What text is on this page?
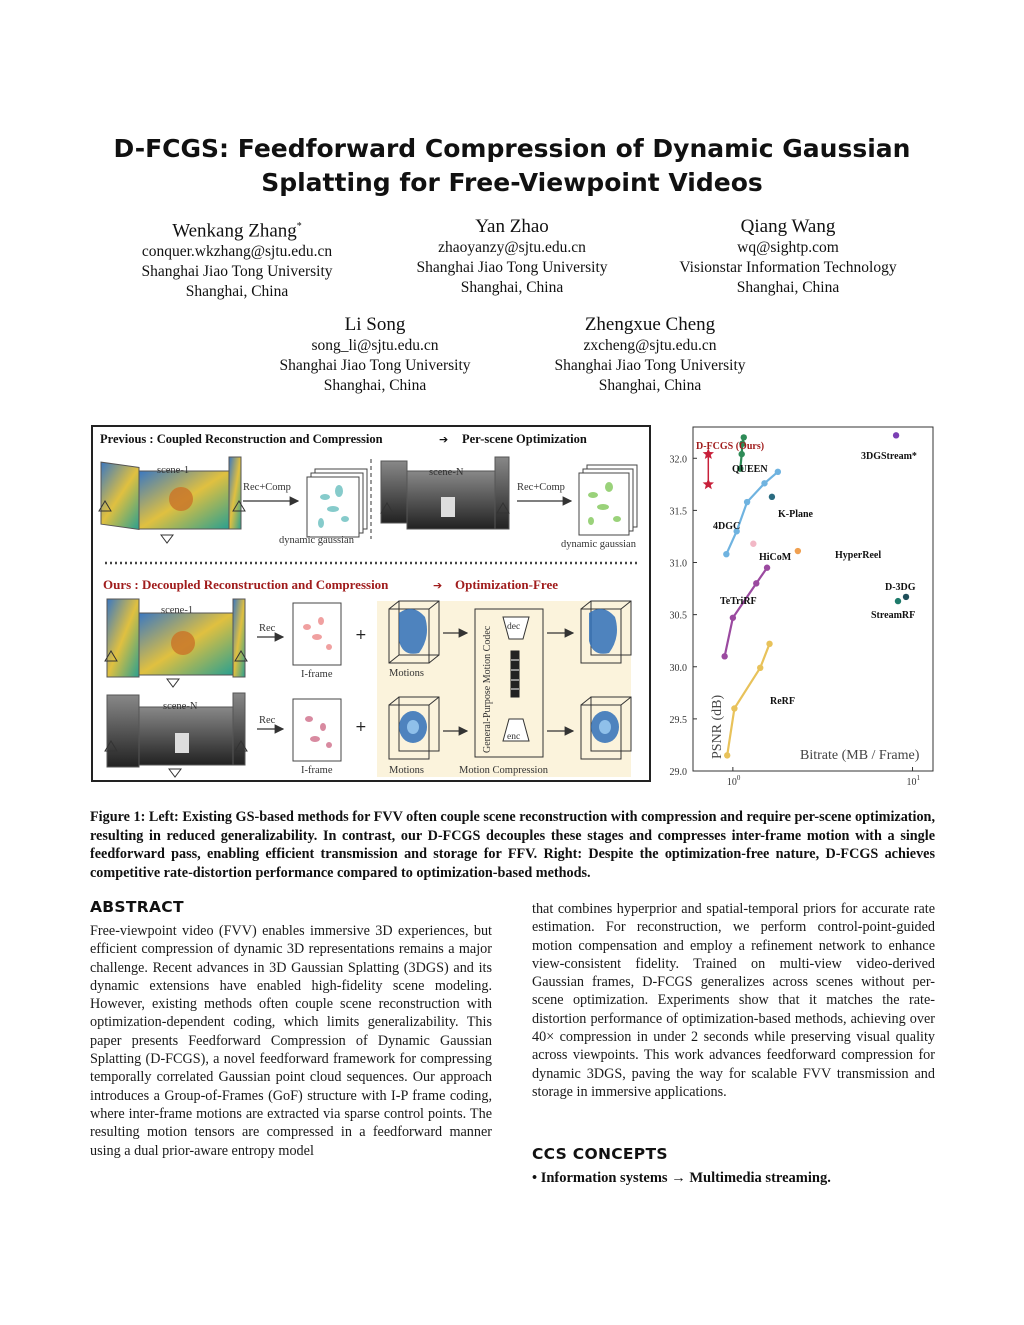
D-FCGS: Feedforward Compression of Dynamic Gaussian
Splatting for Free-Viewpoint Videos
Wenkang Zhang*
conquer.wkzhang@sjtu.edu.cn
Shanghai Jiao Tong University
Shanghai, China
Yan Zhao
zhaoyanzy@sjtu.edu.cn
Shanghai Jiao Tong University
Shanghai, China
Qiang Wang
wq@sightp.com
Visionstar Information Technology
Shanghai, China
Li Song
song_li@sjtu.edu.cn
Shanghai Jiao Tong University
Shanghai, China
Zhengxue Cheng
zxcheng@sjtu.edu.cn
Shanghai Jiao Tong University
Shanghai, China
Previous : Coupled Reconstruction and Compression	➔ Per-scene Optimization
scene-1
Rec+Comp
dynamic gaussian
scene-N
Rec+Comp
dynamic gaussian
Ours : Decoupled Reconstruction and Compression	➔ Optimization-Free
scene-1
Rec
I-frame
+
Motions	General-Purpose Motion Codec dec
enc
scene-N
Rec
I-frame
+
Motions	Motion Compression	29.0
29.5
30.0
30.5
31.0
31.5
32.0
$10^0$	$10^1$
D-FCGS (Ours)
QUEEN
3DGStream*
4DGC
K-Plane
HiCoM	HyperReel
D-3DG
StreamRF
TeTriRF
ReRF
Bitrate (MB / Frame)
PSNR (dB)
Figure 1: Left: Existing GS-based methods for FVV often couple scene reconstruction with compression and require per-scene optimization, resulting in reduced generalizability. In contrast, our D-FCGS decouples these stages and compresses inter-frame motion with a single feedforward pass, enabling efficient transmission and storage for FFV. Right: Despite the optimization-free nature, D-FCGS achieves competitive rate-distortion performance compared to optimization-based methods.
ABSTRACT
Free-viewpoint video (FVV) enables immersive 3D experiences, but efficient compression of dynamic 3D representations remains a major challenge. Recent advances in 3D Gaussian Splatting (3DGS) and its dynamic extensions have enabled high-fidelity scene modeling. However, existing methods often couple scene reconstruction with optimization-dependent coding, which limits generalizability. This paper presents Feedforward Compression of Dynamic Gaussian Splatting (D-FCGS), a novel feedforward framework for compressing temporally correlated Gaussian point cloud sequences. Our approach introduces a Group-of-Frames (GoF) structure with I-P frame coding, where inter-frame motions are extracted via sparse control points. The resulting motion tensors are compressed in a feedforward manner using a dual prior-aware entropy model
that combines hyperprior and spatial-temporal priors for accurate rate estimation. For reconstruction, we perform control-point-guided motion compensation and employ a refinement network to enhance view-consistent fidelity. Trained on multi-view video-derived Gaussian frames, D-FCGS generalizes across scenes without per-scene optimization. Experiments show that it matches the rate-distortion performance of optimization-based methods, achieving over 40× compression in under 2 seconds while preserving visual quality across viewpoints. This work advances feedforward compression for dynamic 3DGS, paving the way for scalable FVV transmission and storage in immersive applications.
CCS CONCEPTS
• Information systems → Multimedia streaming.
